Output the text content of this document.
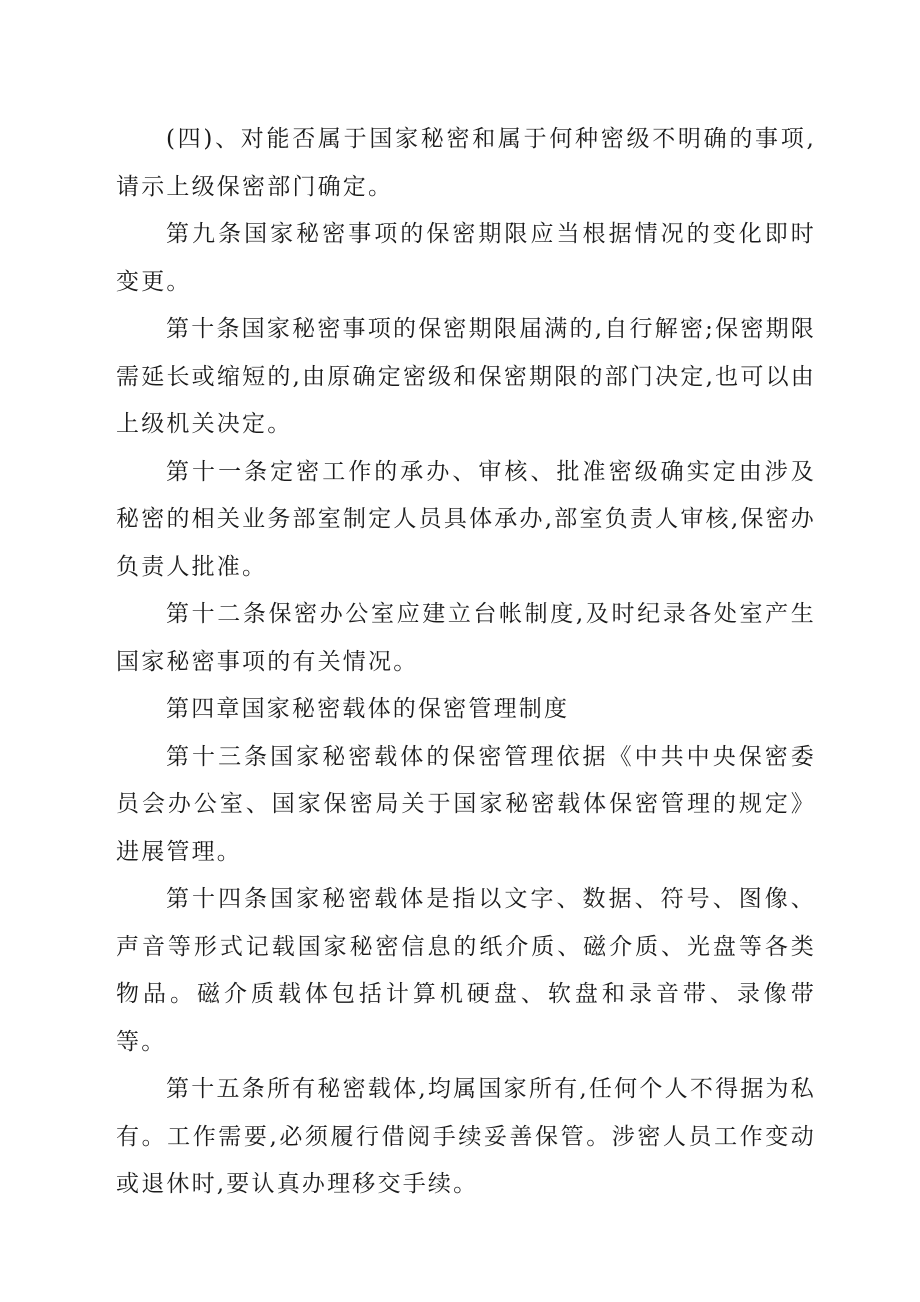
(四)、对能否属于国家秘密和属于何种密级不明确的事项,请示上级保密部门确定。

第九条国家秘密事项的保密期限应当根据情况的变化即时变更。

第十条国家秘密事项的保密期限届满的,自行解密;保密期限需延长或缩短的,由原确定密级和保密期限的部门决定,也可以由上级机关决定。

第十一条定密工作的承办、审核、批准密级确实定由涉及秘密的相关业务部室制定人员具体承办,部室负责人审核,保密办负责人批准。

第十二条保密办公室应建立台帐制度,及时纪录各处室产生国家秘密事项的有关情况。

第四章国家秘密载体的保密管理制度

第十三条国家秘密载体的保密管理依据《中共中央保密委员会办公室、国家保密局关于国家秘密载体保密管理的规定》进展管理。

第十四条国家秘密载体是指以文字、数据、符号、图像、声音等形式记载国家秘密信息的纸介质、磁介质、光盘等各类物品。磁介质载体包括计算机硬盘、软盘和录音带、录像带等。

第十五条所有秘密载体,均属国家所有,任何个人不得据为私有。工作需要,必须履行借阅手续妥善保管。涉密人员工作变动或退休时,要认真办理移交手续。
